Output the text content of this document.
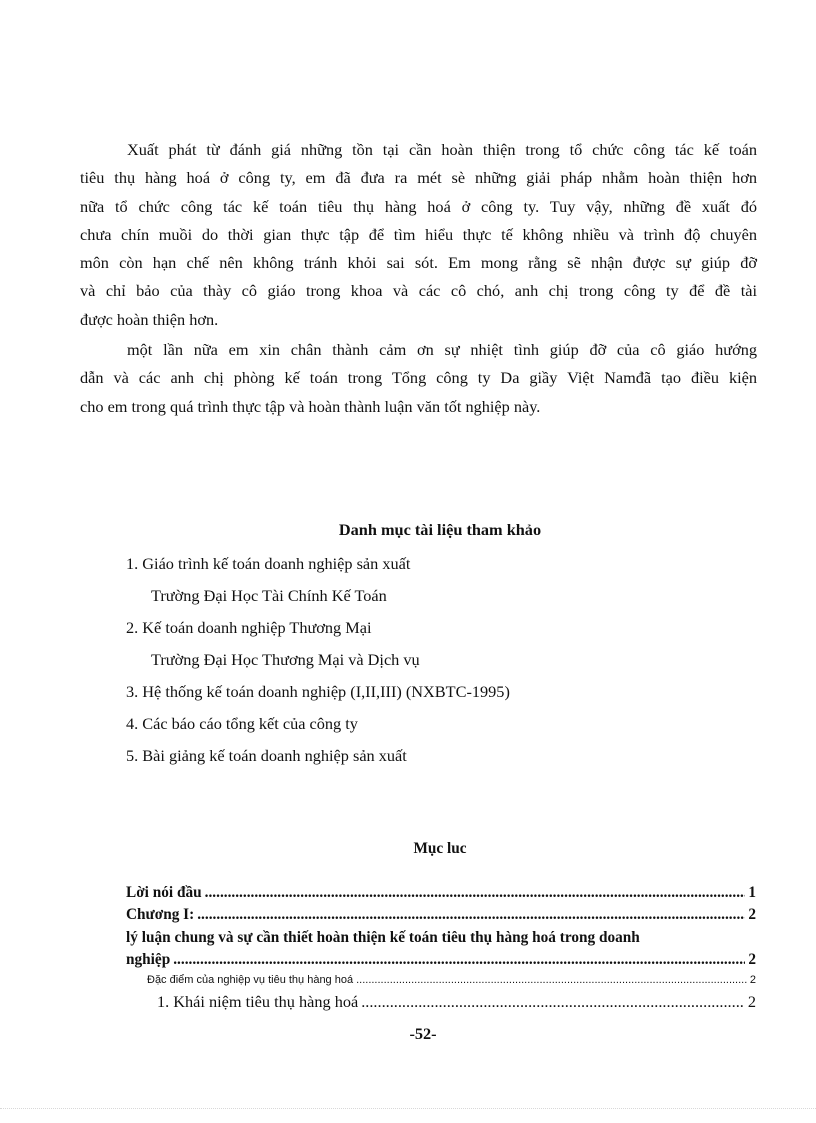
Xuất phát từ đánh giá những tồn tại cần hoàn thiện trong tổ chức công tác kế toán
tiêu thụ hàng hoá ở công ty, em đã đưa ra mét sè những giải pháp nhằm hoàn thiện hơn
nữa tổ chức công tác kế toán tiêu thụ hàng hoá ở công ty. Tuy vậy, những đề xuất đó
chưa chín muồi do thời gian thực tập để tìm hiểu thực tế không nhiều và trình độ chuyên
môn còn hạn chế nên không tránh khỏi sai sót. Em mong rằng sẽ nhận được sự giúp đỡ
và chỉ bảo của thày cô giáo trong khoa và các cô chó, anh chị trong công ty để đề tài
được hoàn thiện hơn.
một lần nữa em xin chân thành cảm ơn sự nhiệt tình giúp đỡ của cô giáo hướng
dẫn và các anh chị phòng kế toán trong Tổng công ty Da giầy Việt Namđã tạo điều kiện
cho em trong quá trình thực tập và hoàn thành luận văn tốt nghiệp này.

Danh mục tài liệu tham khảo

1. Giáo trình kế toán doanh nghiệp sản xuất

Trường Đại Học Tài Chính Kế Toán

2. Kế toán doanh nghiệp Thương Mại

Trường Đại Học Thương Mại và Dịch vụ

3. Hệ thống kế toán doanh nghiệp (I,II,III) (NXBTC-1995)

4. Các báo cáo tổng kết của công ty

5. Bài giảng kế toán doanh nghiệp sản xuất

Mục luc

Lời nói đầu .....	1
Chương I: .....	2
lý luận chung và sự cần thiết hoàn thiện kế toán tiêu thụ hàng hoá trong doanh
nghiệp .....	2
Đặc điểm của nghiệp vụ tiêu thụ hàng hoá .....	2
1. Khái niệm tiêu thụ hàng hoá .....	2

-52-
